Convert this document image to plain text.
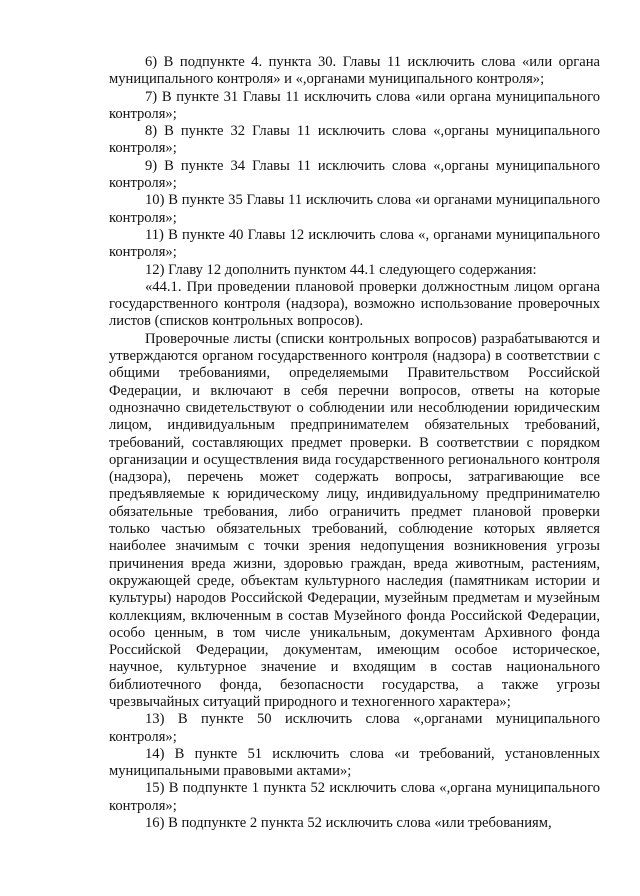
6) В подпункте 4. пункта 30. Главы 11 исключить слова «или органа муниципального контроля» и «,органами муниципального контроля»;

7) В пункте 31 Главы 11 исключить слова «или органа муниципального контроля»;

8) В пункте 32 Главы 11 исключить слова «,органы муниципального контроля»;

9) В пункте 34 Главы 11 исключить слова «,органы муниципального контроля»;

10) В пункте 35 Главы 11 исключить слова «и органами муниципального контроля»;

11) В пункте 40 Главы 12 исключить слова «, органами муниципального контроля»;

12) Главу 12 дополнить пунктом 44.1 следующего содержания:

«44.1. При проведении плановой проверки должностным лицом органа государственного контроля (надзора), возможно использование проверочных листов (списков контрольных вопросов).

Проверочные листы (списки контрольных вопросов) разрабатываются и утверждаются органом государственного контроля (надзора) в соответствии с общими требованиями, определяемыми Правительством Российской Федерации, и включают в себя перечни вопросов, ответы на которые однозначно свидетельствуют о соблюдении или несоблюдении юридическим лицом, индивидуальным предпринимателем обязательных требований, требований, составляющих предмет проверки. В соответствии с порядком организации и осуществления вида государственного регионального контроля (надзора), перечень может содержать вопросы, затрагивающие все предъявляемые к юридическому лицу, индивидуальному предпринимателю обязательные требования, либо ограничить предмет плановой проверки только частью обязательных требований, соблюдение которых является наиболее значимым с точки зрения недопущения возникновения угрозы причинения вреда жизни, здоровью граждан, вреда животным, растениям, окружающей среде, объектам культурного наследия (памятникам истории и культуры) народов Российской Федерации, музейным предметам и музейным коллекциям, включенным в состав Музейного фонда Российской Федерации, особо ценным, в том числе уникальным, документам Архивного фонда Российской Федерации, документам, имеющим особое историческое, научное, культурное значение и входящим в состав национального библиотечного фонда, безопасности государства, а также угрозы чрезвычайных ситуаций природного и техногенного характера»;

13) В пункте 50 исключить слова «,органами муниципального контроля»;

14) В пункте 51 исключить слова «и требований, установленных муниципальными правовыми актами»;

15) В подпункте 1 пункта 52 исключить слова «,органа муниципального контроля»;

16) В подпункте 2 пункта 52 исключить слова «или требованиям,
